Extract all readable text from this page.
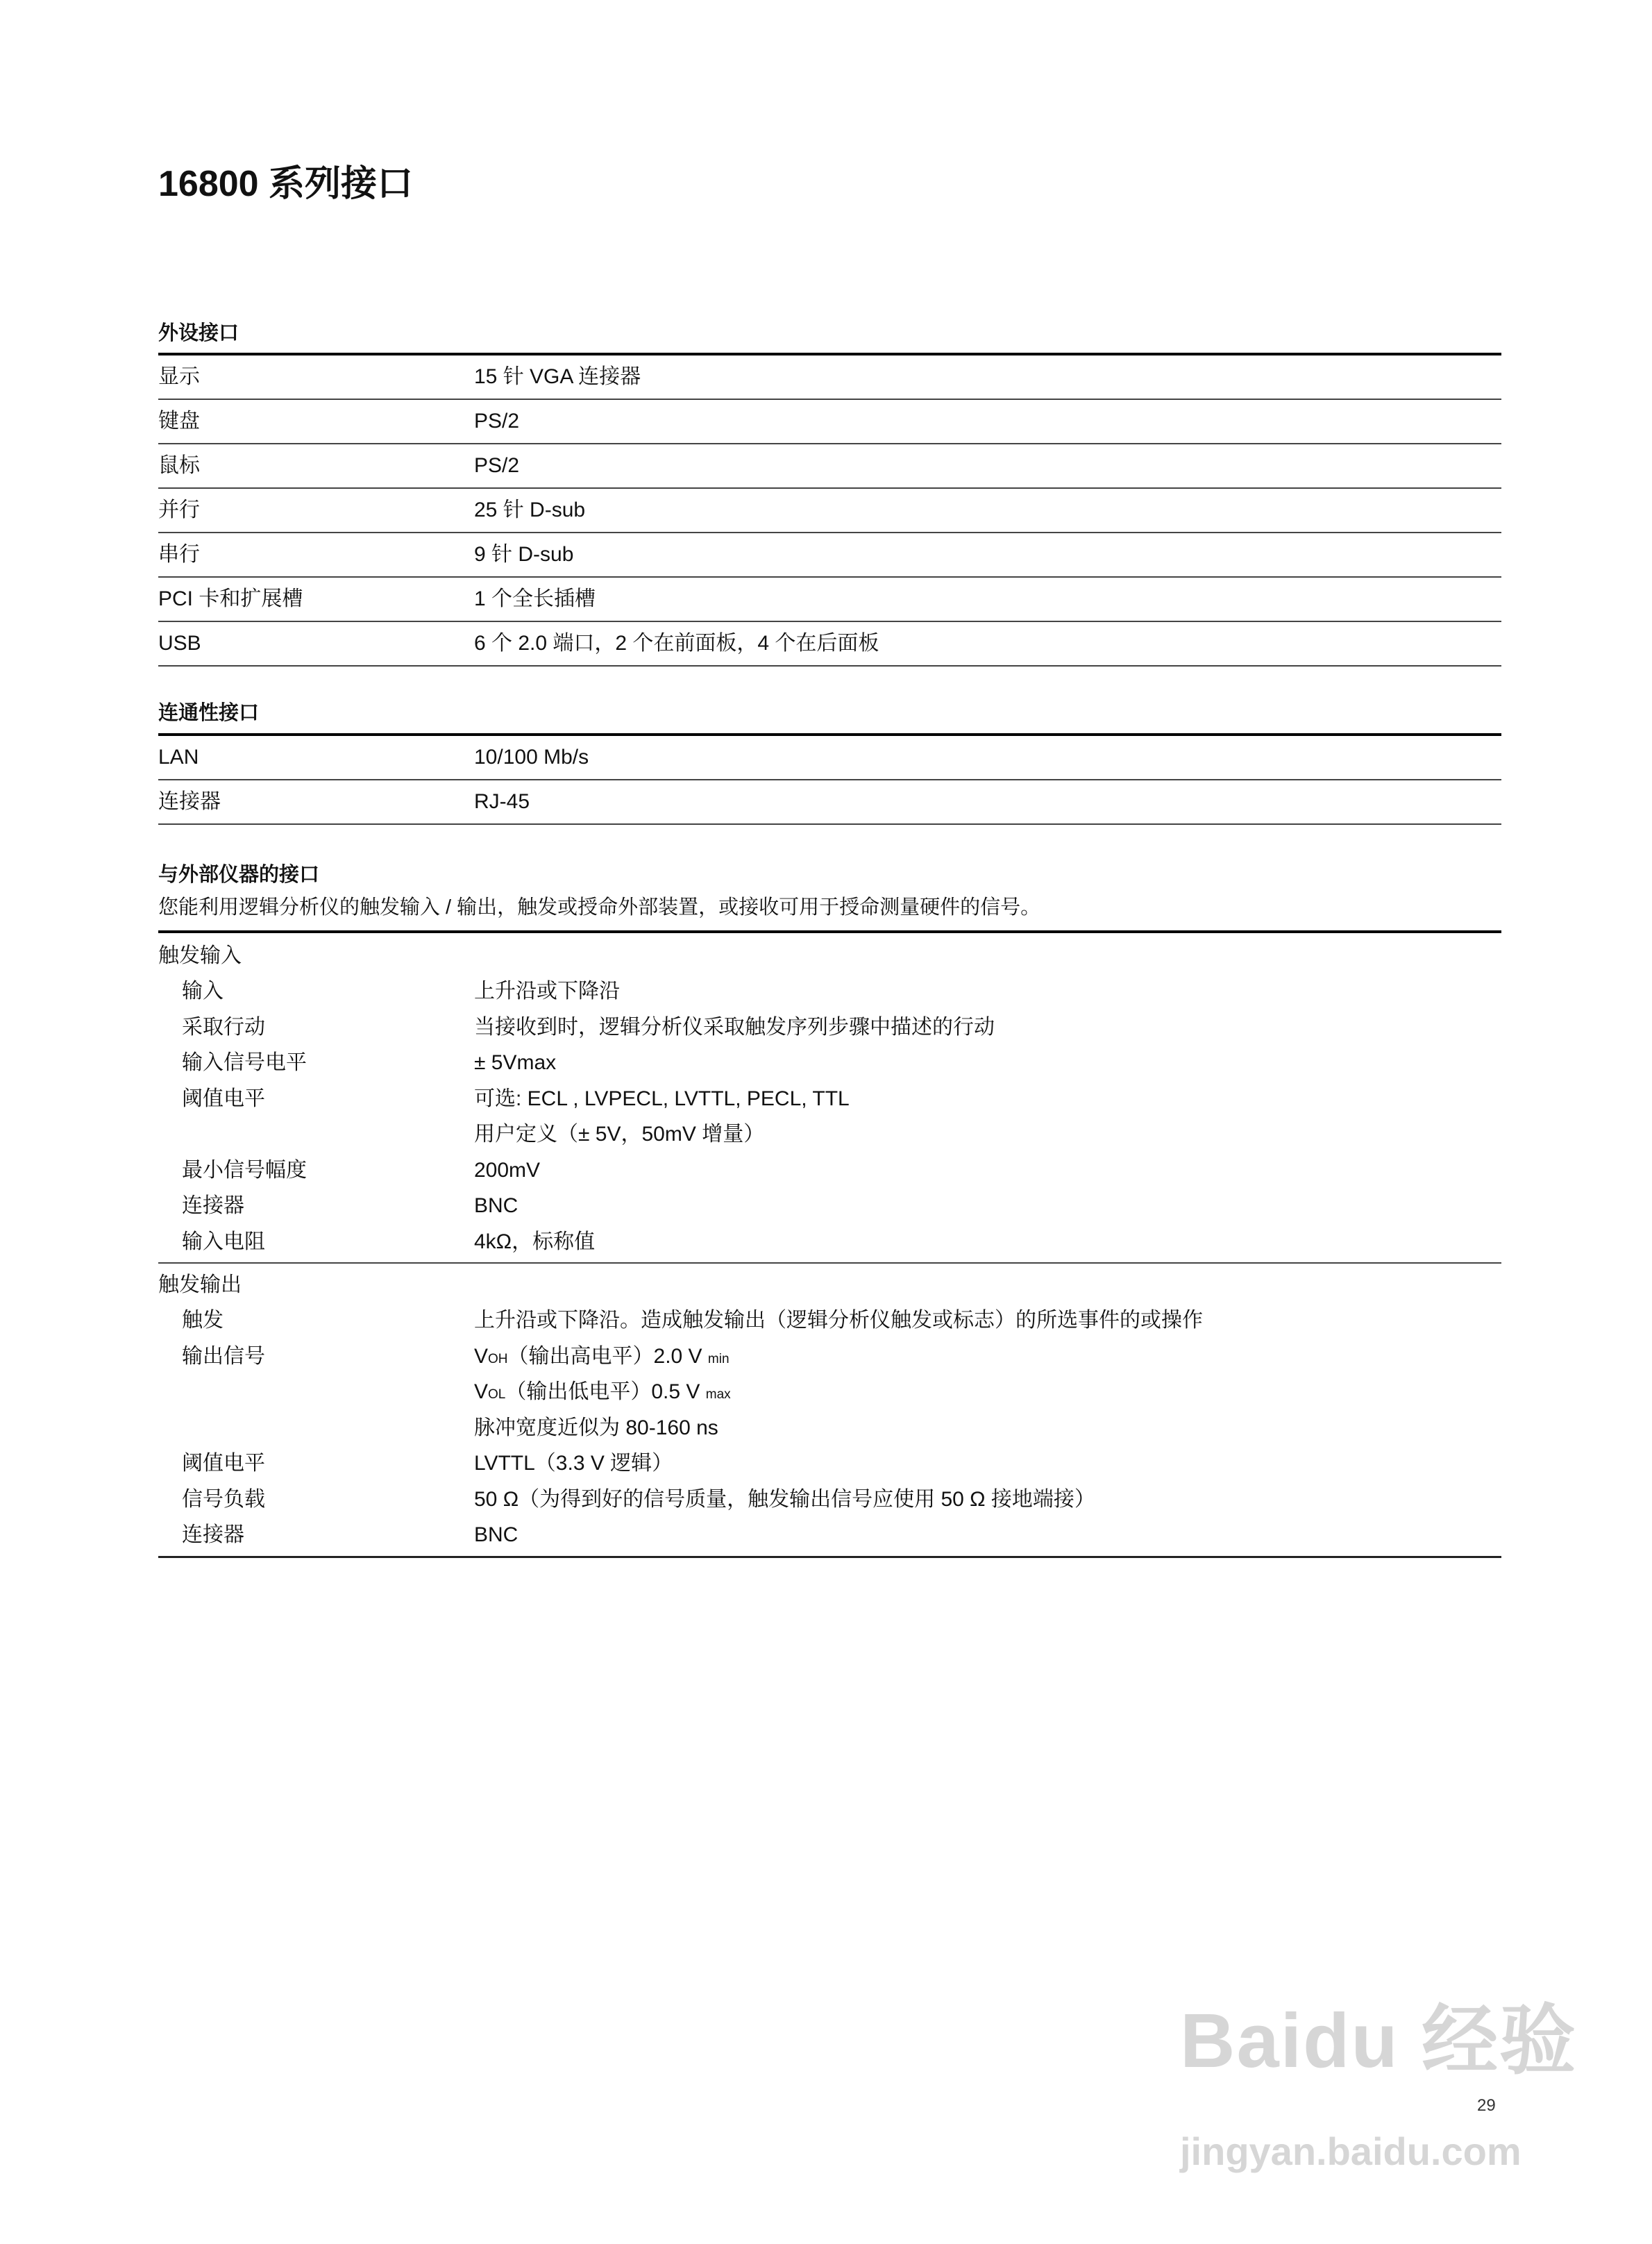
16800 系列接口
外设接口
显示	15 针 VGA 连接器
键盘	PS/2
鼠标	PS/2
并行	25 针 D-sub
串行	9 针 D-sub
PCI 卡和扩展槽	1 个全长插槽
USB	6 个 2.0 端口，2 个在前面板，4 个在后面板
连通性接口
LAN	10/100 Mb/s
连接器	RJ-45
与外部仪器的接口
您能利用逻辑分析仪的触发输入 / 输出，触发或授命外部装置，或接收可用于授命测量硬件的信号。
触发输入
输入	上升沿或下降沿
采取行动	当接收到时，逻辑分析仪采取触发序列步骤中描述的行动
输入信号电平	± 5Vmax
阈值电平	可选: ECL , LVPECL, LVTTL, PECL, TTL
用户定义（± 5V，50mV 增量）
最小信号幅度	200mV
连接器	BNC
输入电阻	4kΩ，标称值
触发输出
触发	上升沿或下降沿。造成触发输出（逻辑分析仪触发或标志）的所选事件的或操作
输出信号	VOH（输出高电平）2.0 V min
VOL（输出低电平）0.5 V max
脉冲宽度近似为 80-160 ns
阈值电平	LVTTL（3.3 V 逻辑）
信号负载	50 Ω（为得到好的信号质量，触发输出信号应使用 50 Ω 接地端接）
连接器	BNC
Baidu 经验
jingyan.baidu.com
29
